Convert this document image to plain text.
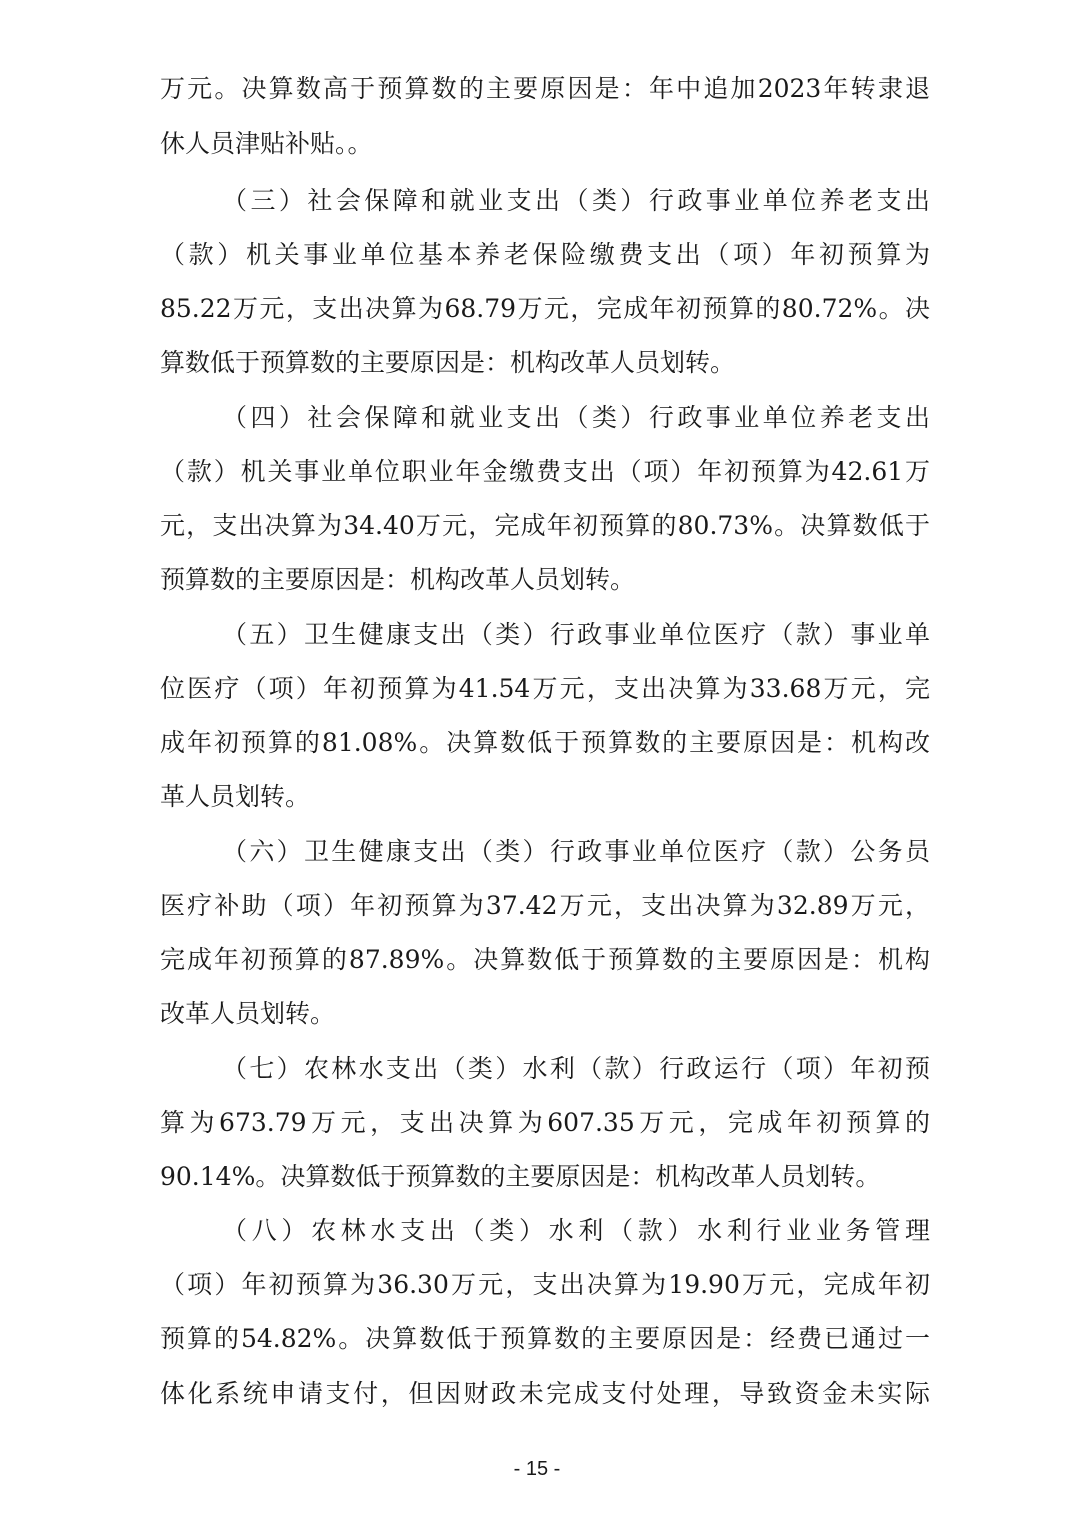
万元。决算数高于预算数的主要原因是：年中追加2023年转隶退
休人员津贴补贴。。
（三）社会保障和就业支出（类）行政事业单位养老支出
（款）机关事业单位基本养老保险缴费支出（项）年初预算为
85.22万元，支出决算为68.79万元，完成年初预算的80.72%。决
算数低于预算数的主要原因是：机构改革人员划转。
（四）社会保障和就业支出（类）行政事业单位养老支出
（款）机关事业单位职业年金缴费支出（项）年初预算为42.61万
元，支出决算为34.40万元，完成年初预算的80.73%。决算数低于
预算数的主要原因是：机构改革人员划转。
（五）卫生健康支出（类）行政事业单位医疗（款）事业单
位医疗（项）年初预算为41.54万元，支出决算为33.68万元，完
成年初预算的81.08%。决算数低于预算数的主要原因是：机构改
革人员划转。
（六）卫生健康支出（类）行政事业单位医疗（款）公务员
医疗补助（项）年初预算为37.42万元，支出决算为32.89万元，
完成年初预算的87.89%。决算数低于预算数的主要原因是：机构
改革人员划转。
（七）农林水支出（类）水利（款）行政运行（项）年初预
算为673.79万元，支出决算为607.35万元，完成年初预算的
90.14%。决算数低于预算数的主要原因是：机构改革人员划转。
（八）农林水支出（类）水利（款）水利行业业务管理
（项）年初预算为36.30万元，支出决算为19.90万元，完成年初
预算的54.82%。决算数低于预算数的主要原因是：经费已通过一
体化系统申请支付，但因财政未完成支付处理，导致资金未实际
- 15 -
